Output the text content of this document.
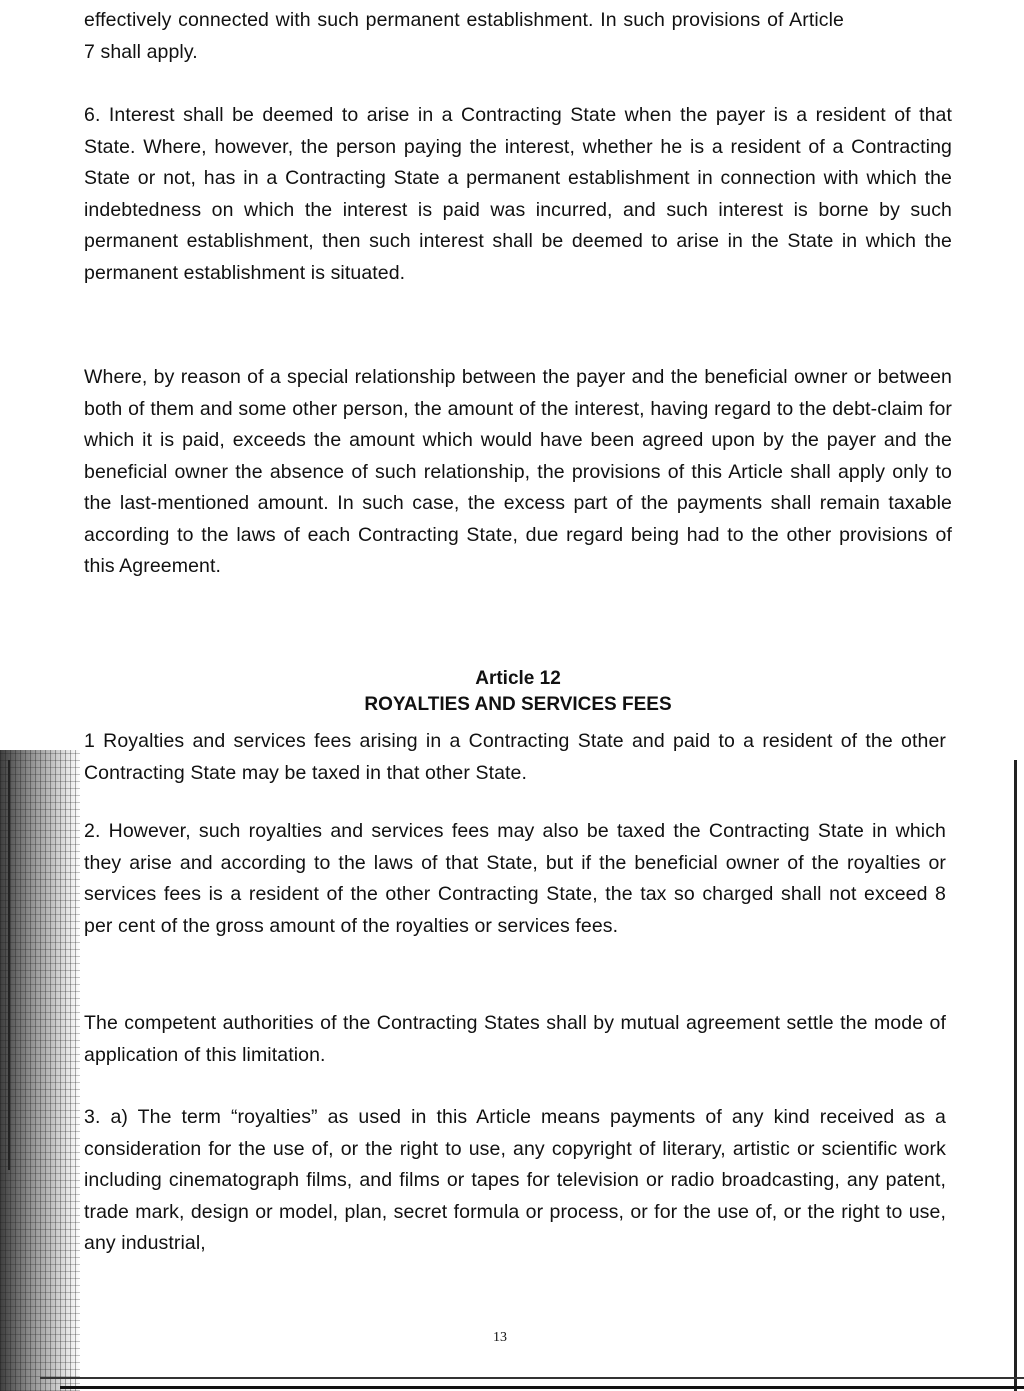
effectively connected with such permanent establishment. In such provisions of Article 7 shall apply.

6. Interest shall be deemed to arise in a Contracting State when the payer is a resident of that State. Where, however, the person paying the interest, whether he is a resident of a Contracting State or not, has in a Contracting State a permanent establishment in connection with which the indebtedness on which the interest is paid was incurred, and such interest is borne by such permanent establishment, then such interest shall be deemed to arise in the State in which the permanent establishment is situated.

Where, by reason of a special relationship between the payer and the beneficial owner or between both of them and some other person, the amount of the interest, having regard to the debt-claim for which it is paid, exceeds the amount which would have been agreed upon by the payer and the beneficial owner the absence of such relationship, the provisions of this Article shall apply only to the last-mentioned amount. In such case, the excess part of the payments shall remain taxable according to the laws of each Contracting State, due regard being had to the other provisions of this Agreement.

Article 12
ROYALTIES AND SERVICES FEES

1 Royalties and services fees arising in a Contracting State and paid to a resident of the other Contracting State may be taxed in that other State.

2. However, such royalties and services fees may also be taxed the Contracting State in which they arise and according to the laws of that State, but if the beneficial owner of the royalties or services fees is a resident of the other Contracting State, the tax so charged shall not exceed 8 per cent of the gross amount of the royalties or services fees.

The competent authorities of the Contracting States shall by mutual agreement settle the mode of application of this limitation.

3. a) The term “royalties” as used in this Article means payments of any kind received as a consideration for the use of, or the right to use, any copyright of literary, artistic or scientific work including cinematograph films, and films or tapes for television or radio broadcasting, any patent, trade mark, design or model, plan, secret formula or process, or for the use of, or the right to use, any industrial,

13
